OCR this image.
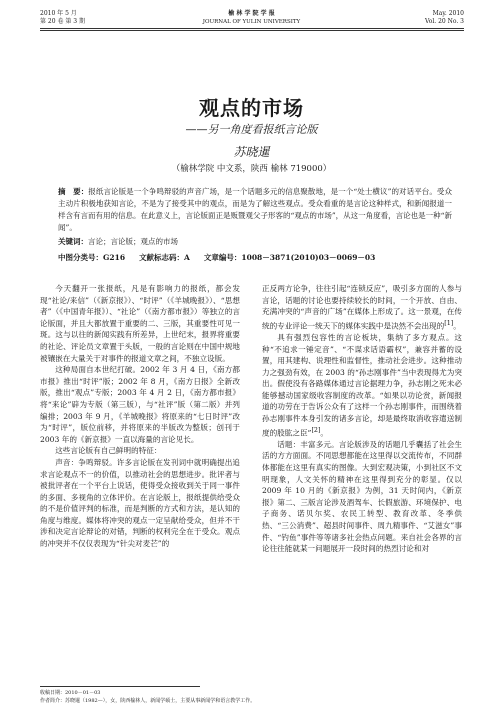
2010 年 5 月
第 20 卷 第 3 期
榆 林 学 院 学 报
JOURNAL OF YULIN UNIVERSITY
May. 2010
Vol. 20 No. 3
观点的市场
——另一角度看报纸言论版
苏晓暹
（榆林学院 中文系，陕西 榆林 719000）
摘　要：报纸言论版是一个争鸣辩驳的声音广场，是一个话题多元的信息聚散地，是一个“处士横议”的对话平台。受众主动片积极地获知言论，不是为了接受其中的观点，而是为了解这些观点。受众看重的是言论这种样式，和新闻报道一样含有言而有用的信息。在此意义上，言论版面正是贩暨观父子形客的“观点的市场”，从这一角度看，言论也是一种“新闻”。
关键词：言论；言论版；观点的市场
中图分类号：G216 文献标志码：A 文章编号：1008－3871(2010)03－0069－03

今天翻开一张报纸，凡是有影响力的报纸，都会发现“社论/来信”（《新京报》）、“时评”（《羊城晚报》）、“思想者”（《中国青年报》）、“社论”（《南方都市报》）等独立的言论版面，并且大都放置于重要的二、三版，其重要性可见一斑。这与以往的新闻实践有所差异，上世纪末，报界将重要的社论、评论员文章置于头版，一般的言论则在中国中规地被镶嵌在大量关于对事件的报道文章之间，不独立设版。

这种局面自本世纪打破。2002 年 3 月 4 日，《南方都市报》推出“时评”版；2002 年 8 月，《南方日报》全新改版，推出“观点”专版；2003 年 4 月 2 日，《南方都市报》将“来论”辟为专版（第三版），与“社评”版（第二版）并列编排；2003 年 9 月，《羊城晚报》将原来的“七日时评”改为“时评”，版位前移，并将原来的半版改为整版；创刊于 2003 年的《新京报》一直以海量的言论见长。

这些言论版有自己鲜明的特征：

声音：争鸣辩驳。许多言论版在发刊词中就明确提出追求言论观点不一的价值，以推动社会的思想进步。批评者与被批评者在一个平台上说话，使得受众接收到关于同一事件的多面、多视角的立体评价。在言论版上，报纸提供给受众的不是价值评判的标准，而是判断的方式和方法，是认知的角度与维度。媒体将冲突的观点一定呈献给受众，但并不干涉和决定言论辩论的对错，判断的权利完全在于受众。观点的冲突并不仅仅表现为“针尖对麦芒”的

正反两方论争，往往引起“连锁反应”，吸引多方面的人参与言论，话题的讨论也要持续较长的时间，一个开放、自由、充满冲突的“声音的广场”在媒体上形成了。这一景观，在传统的专业评论一统天下的媒体实践中是决然不会出现的[1]。

具有强烈包容性的言论板块，集纳了多方观点。这种“不追求一锤定音”、“不谋求话语霸权”，兼容并蓄的设置，用其建构、说理性和监督性，推动社会进步。这种推动力之强劲有效，在 2003 的“孙志刚事件”当中表现得尤为突出。假使没有各路媒体通过言论据理力争，孙志刚之死未必能够撼动国家级收容制度的改革。“如果以功论赏，新闻报道的功劳在于告诉公众有了这样一个孙志刚事件，而围绕着孙志刚事件本身引发的诸多言论，却是最终取消收容遣送制度的股肱之臣”[2]。

话题：丰富多元。言论版涉及的话题几乎囊括了社会生活的方方面面。不同思想都能在这里得以交流传布，不同群体都能在这里有真实的图像。大到宏观决策，小到社区不文明现象，人文关怀的精神在这里得到充分的彰显。仅以 2009 年 10 月的《新京报》为例，31 天时间内，《新京报》第二、三版言论涉及酒驾车、长假旅游、环境保护、电子商务、诺贝尔奖、农民工转型、教育改革、冬季供热、“三公消费”、超县时间事件、周九精事件、“艾滋女”事件、“钓鱼”事件等等诸多社会热点问题。来自社会各界的言论往往能就某一问题展开一段时间的热烈讨论和对

收稿日期：2010－01－03
作者简介：苏晓暹（1982—），女，陕西榆林人，新闻学硕士，主要从事新闻学和语言教学工作。
